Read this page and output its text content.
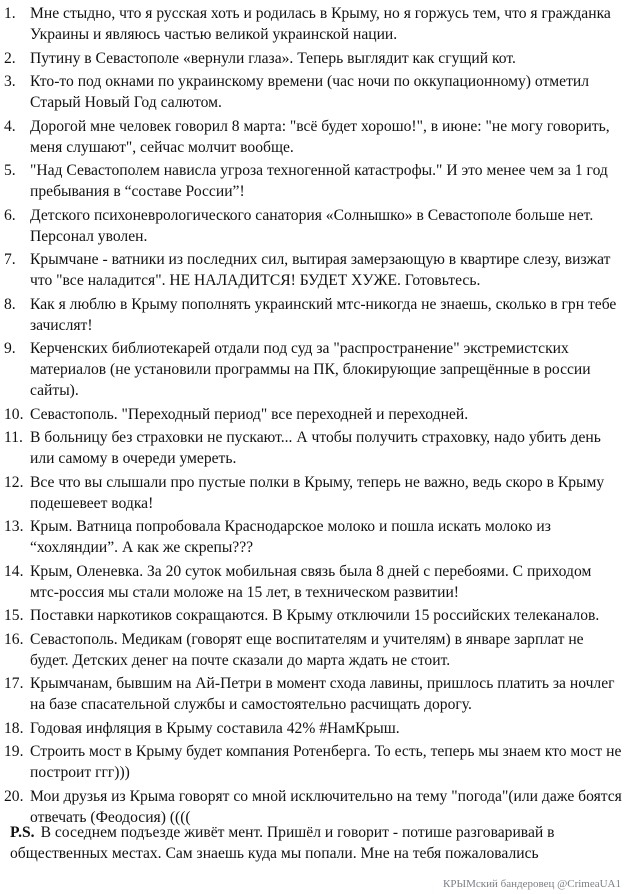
1. Мне стыдно, что я русская хоть и родилась в Крыму, но я горжусь тем, что я гражданка Украины и являюсь частью великой украинской нации.
2. Путину в Севастополе «вернули глаза». Теперь выглядит как сгущий кот.
3. Кто-то под окнами по украинскому времени (час ночи по оккупационному) отметил Старый Новый Год салютом.
4. Дорогой мне человек говорил 8 марта: "всё будет хорошо!", в июне: "не могу говорить, меня слушают", сейчас молчит вообще.
5. "Над Севастополем нависла угроза техногенной катастрофы." И это менее чем за 1 год пребывания в “составе России”!
6. Детского психоневрологического санатория «Солнышко» в Севастополе больше нет. Персонал уволен.
7. Крымчане - ватники из последних сил, вытирая замерзающую в квартире слезу, визжат что "все наладится". НЕ НАЛАДИТСЯ! БУДЕТ ХУЖЕ. Готовьтесь.
8. Как я люблю в Крыму пополнять украинский мтс-никогда не знаешь, сколько в грн тебе зачислят!
9. Керченских библиотекарей отдали под суд за "распространение" экстремистских материалов (не установили программы на ПК, блокирующие запрещённые в россии сайты).
10. Севастополь. "Переходный период" все переходней и переходней.
11. В больницу без страховки не пускают... А чтобы получить страховку, надо убить день или самому в очереди умереть.
12. Все что вы слышали про пустые полки в Крыму, теперь не важно, ведь скоро в Крыму подешевеет водка!
13. Крым. Ватница попробовала Краснодарское молоко и пошла искать молоко из “хохляндии”. А как же скрепы???
14. Крым, Оленевка. За 20 суток мобильная связь была 8 дней с перебоями. С приходом мтс-россия мы стали моложе на 15 лет, в техническом развитии!
15. Поставки наркотиков сокращаются. В Крыму отключили 15 российских телеканалов.
16. Севастополь. Медикам (говорят еще воспитателям и учителям) в январе зарплат не будет. Детских денег на почте сказали до марта ждать не стоит.
17. Крымчанам, бывшим на Ай-Петри в момент схода лавины, пришлось платить за ночлег на базе спасательной службы и самостоятельно расчищать дорогу.
18. Годовая инфляция в Крыму составила 42% #НамКрыш.
19. Строить мост в Крыму будет компания Ротенберга. То есть, теперь мы знаем кто мост не построит ггг)))
20. Мои друзья из Крыма говорят со мной исключительно на тему "погода"(или даже боятся отвечать (Феодосия) ((((
P.S. В соседнем подъезде живёт мент. Пришёл и говорит - потише разговаривай в общественных местах. Сам знаешь куда мы попали. Мне на тебя пожаловались
КРЫМский бандеровец @CrimeaUA1
